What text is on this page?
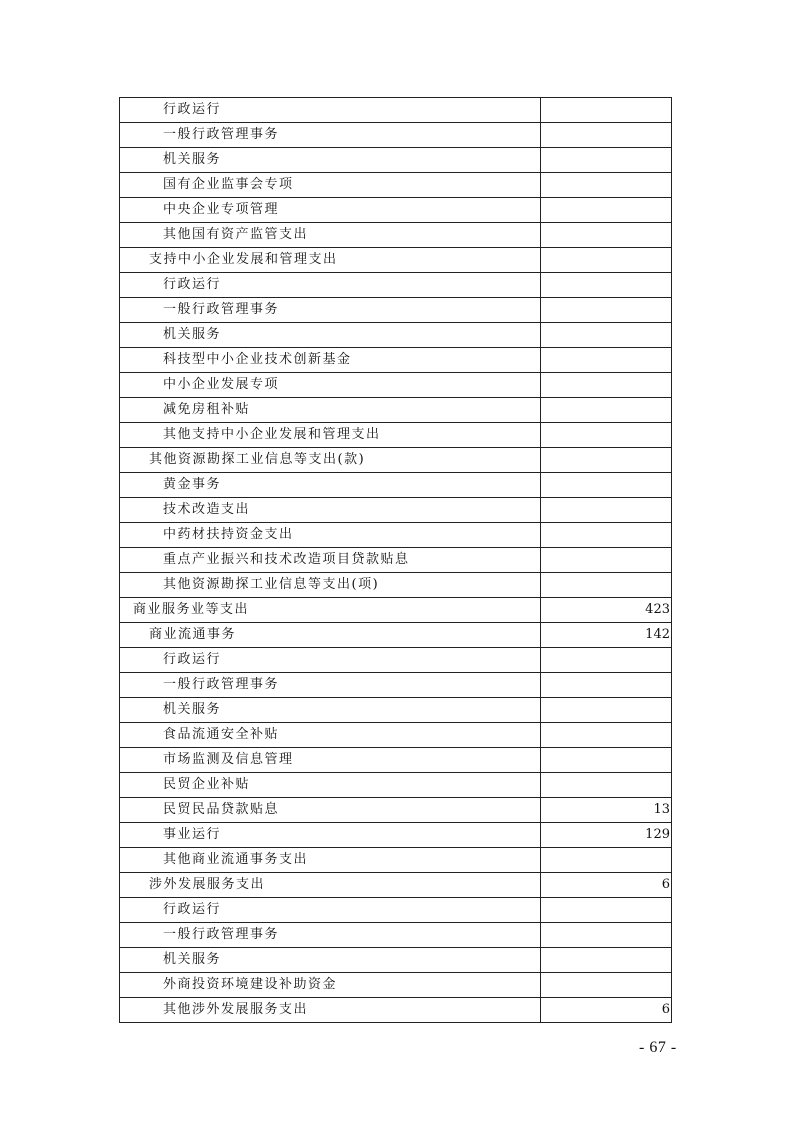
行政运行	
一般行政管理事务	
机关服务	
国有企业监事会专项	
中央企业专项管理	
其他国有资产监管支出	
支持中小企业发展和管理支出	
行政运行	
一般行政管理事务	
机关服务	
科技型中小企业技术创新基金	
中小企业发展专项	
减免房租补贴	
其他支持中小企业发展和管理支出	
其他资源勘探工业信息等支出(款)	
黄金事务	
技术改造支出	
中药材扶持资金支出	
重点产业振兴和技术改造项目贷款贴息	
其他资源勘探工业信息等支出(项)	
商业服务业等支出	423
商业流通事务	142
行政运行	
一般行政管理事务	
机关服务	
食品流通安全补贴	
市场监测及信息管理	
民贸企业补贴	
民贸民品贷款贴息	13
事业运行	129
其他商业流通事务支出	
涉外发展服务支出	6
行政运行	
一般行政管理事务	
机关服务	
外商投资环境建设补助资金	
其他涉外发展服务支出	6
- 67 -
